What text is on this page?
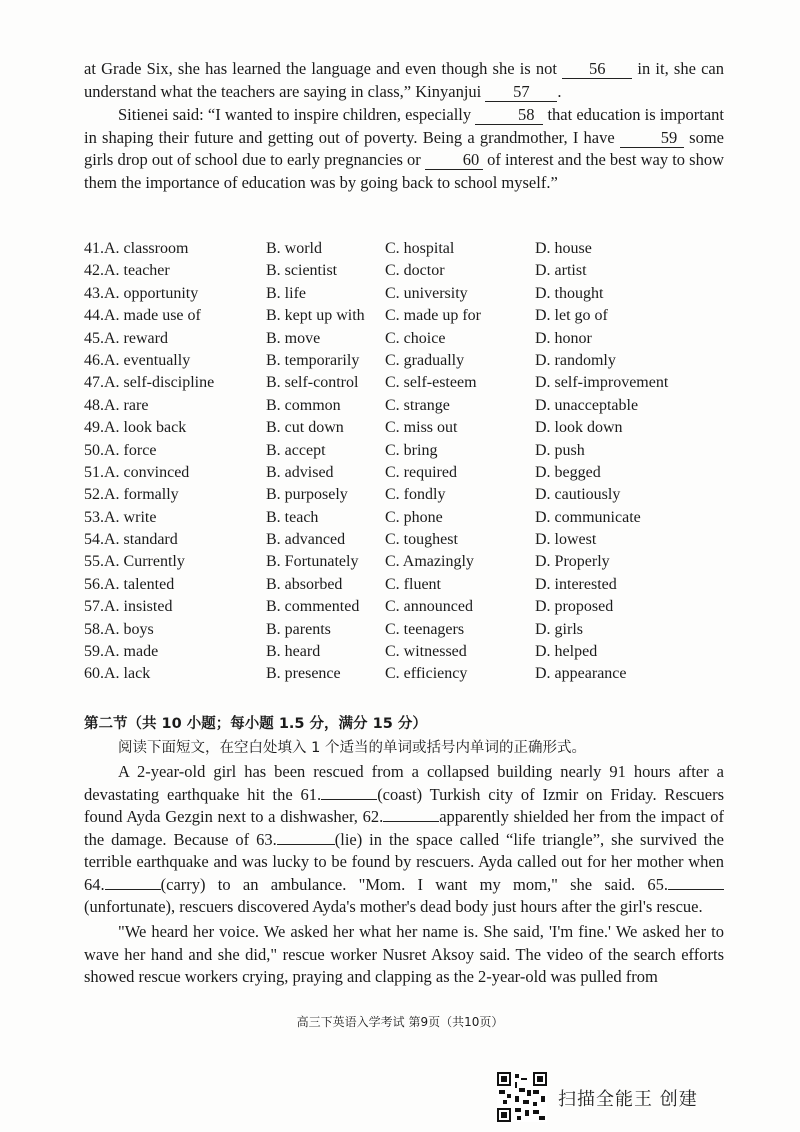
at Grade Six, she has learned the language and even though she is not 56 in it, she can understand what the teachers are saying in class,” Kinyanjui 57 .
Sitienei said: “I wanted to inspire children, especially	58 that education is important in shaping their future and getting out of poverty. Being a grandmother, I have	59 some girls drop out of school due to early pregnancies or	60 of interest and the best way to show them the importance of education was by going back to school myself.”
41.A. classroom	B. world	C. hospital	D. house
42.A. teacher	B. scientist	C. doctor	D. artist
43.A. opportunity	B. life	C. university	D. thought
44.A. made use of	B. kept up with C. made up for	D. let go of
45.A. reward	B. move	C. choice	D. honor
46.A. eventually	B. temporarily C. gradually	D. randomly
47.A. self-discipline	B. self-control C. self-esteem	D. self-improvement
48.A. rare	B. common	C. strange	D. unacceptable
49.A. look back	B. cut down	C. miss out	D. look down
50.A. force	B. accept	C. bring	D. push
51.A. convinced	B. advised	C. required	D. begged
52.A. formally	B. purposely C. fondly	D. cautiously
53.A. write	B. teach	C. phone	D. communicate
54.A. standard	B. advanced C. toughest	D. lowest
55.A. Currently	B. Fortunately C. Amazingly	D. Properly
56.A. talented	B. absorbed	C. fluent	D. interested
57.A. insisted	B. commented C. announced	D. proposed
58.A. boys	B. parents	C. teenagers	D. girls
59.A. made	B. heard	C. witnessed	D. helped
60.A. lack	B. presence	C. efficiency	D. appearance
第二节（共 10 小题；每小题 1.5 分，满分 15 分）
阅读下面短文，在空白处填入 1 个适当的单词或括号内单词的正确形式。
A 2-year-old girl has been rescued from a collapsed building nearly 91 hours after a devastating earthquake hit the 61.	(coast) Turkish city of Izmir on Friday. Rescuers found Ayda Gezgin next to a dishwasher, 62.	apparently shielded her from the impact of the damage. Because of 63.	(lie) in the space called “life triangle”, she survived the terrible earthquake and was lucky to be found by rescuers. Ayda called out for her mother when 64.	(carry) to an ambulance. "Mom. I want my mom," she said. 65. (unfortunate), rescuers discovered Ayda's mother's dead body just hours after the girl's rescue.
"We heard her voice. We asked her what her name is. She said, 'I'm fine.' We asked her to wave her hand and she did," rescue worker Nusret Aksoy said. The video of the search efforts showed rescue workers crying, praying and clapping as the 2-year-old was pulled from
高三下英语入学考试 第9页（共10页）
扫描全能王 创建
